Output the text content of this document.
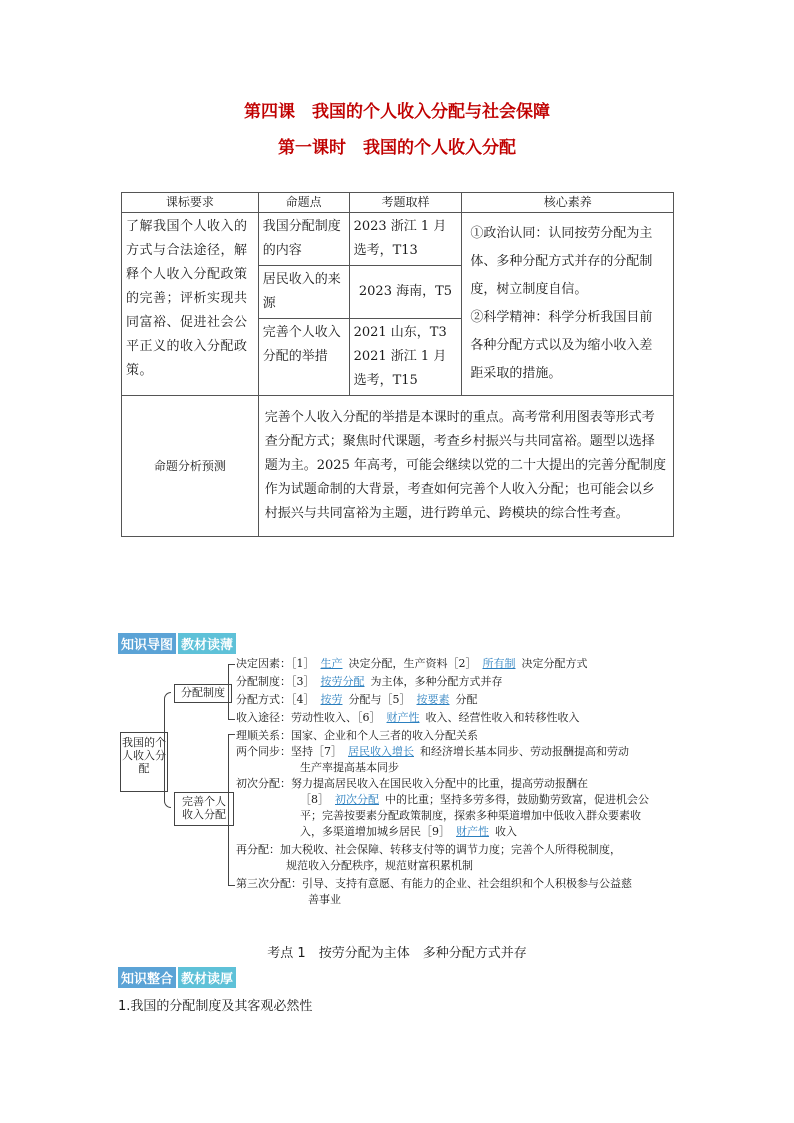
第四课　我国的个人收入分配与社会保障
第一课时　我国的个人收入分配
课标要求	命题点	考题取样	核心素养
了解我国个人收入的方式与合法途径，解释个人收入分配政策的完善；评析实现共同富裕、促进社会公平正义的收入分配政策。	我国分配制度的内容	2023 浙江 1 月选考，T13	①政治认同：认同按劳分配为主体、多种分配方式并存的分配制度，树立制度自信。
②科学精神：科学分析我国目前各种分配方式以及为缩小收入差距采取的措施。
	居民收入的来源	2023 海南，T5	
	完善个人收入分配的举措	2021 山东，T3
2021 浙江 1 月选考，T15	
命题分析预测	完善个人收入分配的举措是本课时的重点。高考常利用图表等形式考查分配方式；聚焦时代课题，考查乡村振兴与共同富裕。题型以选择题为主。2025 年高考，可能会继续以党的二十大提出的完善分配制度作为试题命制的大背景，考查如何完善个人收入分配；也可能会以乡村振兴与共同富裕为主题，进行跨单元、跨模块的综合性考查。		
知识导图 教材读薄
我国的个人收入分配
分配制度
完善个人收入分配
决定因素：［1］ 生产 决定分配，生产资料［2］ 所有制 决定分配方式
分配制度：［3］ 按劳分配 为主体，多种分配方式并存
分配方式：［4］ 按劳 分配与［5］ 按要素 分配
收入途径：劳动性收入、［6］ 财产性 收入、经营性收入和转移性收入
理顺关系：国家、企业和个人三者的收入分配关系
两个同步：坚持［7］ 居民收入增长 和经济增长基本同步、劳动报酬提高和劳动
生产率提高基本同步
初次分配：努力提高居民收入在国民收入分配中的比重，提高劳动报酬在
［8］ 初次分配 中的比重；坚持多劳多得，鼓励勤劳致富，促进机会公
平；完善按要素分配政策制度，探索多种渠道增加中低收入群众要素收
入，多渠道增加城乡居民［9］ 财产性 收入
再分配：加大税收、社会保障、转移支付等的调节力度；完善个人所得税制度，
规范收入分配秩序，规范财富积累机制
第三次分配：引导、支持有意愿、有能力的企业、社会组织和个人积极参与公益慈
善事业
考点 1　按劳分配为主体　多种分配方式并存
知识整合 教材读厚
1.我国的分配制度及其客观必然性
